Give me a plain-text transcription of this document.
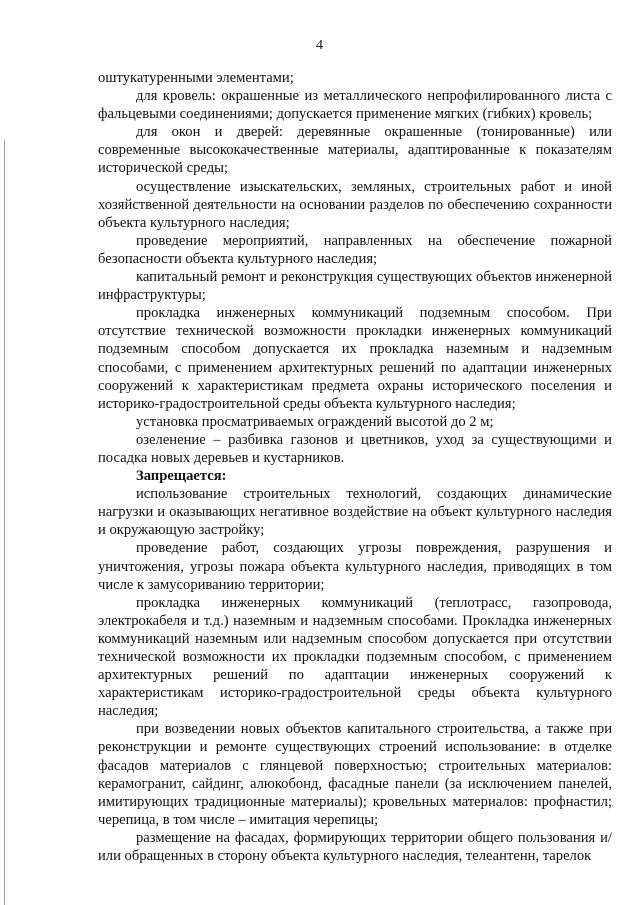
4

оштукатуренными элементами;

для кровель: окрашенные из металлического непрофилированного листа с фальцевыми соединениями; допускается применение мягких (гибких) кровель;

для окон и дверей: деревянные окрашенные (тонированные) или современные высококачественные материалы, адаптированные к показателям исторической среды;

осуществление изыскательских, земляных, строительных работ и иной хозяйственной деятельности на основании разделов по обеспечению сохранности объекта культурного наследия;

проведение мероприятий, направленных на обеспечение пожарной безопасности объекта культурного наследия;

капитальный ремонт и реконструкция существующих объектов инженерной инфраструктуры;

прокладка инженерных коммуникаций подземным способом. При отсутствие технической возможности прокладки инженерных коммуникаций подземным способом допускается их прокладка наземным и надземным способами, с применением архитектурных решений по адаптации инженерных сооружений к характеристикам предмета охраны исторического поселения и историко-градостроительной среды объекта культурного наследия;

установка просматриваемых ограждений высотой до 2 м;

озеленение – разбивка газонов и цветников, уход за существующими и посадка новых деревьев и кустарников.

Запрещается:

использование строительных технологий, создающих динамические нагрузки и оказывающих негативное воздействие на объект культурного наследия и окружающую застройку;

проведение работ, создающих угрозы повреждения, разрушения и уничтожения, угрозы пожара объекта культурного наследия, приводящих в том числе к замусориванию территории;

прокладка инженерных коммуникаций (теплотрасс, газопровода, электрокабеля и т.д.) наземным и надземным способами. Прокладка инженерных коммуникаций наземным или надземным способом допускается при отсутствии технической возможности их прокладки подземным способом, с применением архитектурных решений по адаптации инженерных сооружений к характеристикам историко-градостроительной среды объекта культурного наследия;

при возведении новых объектов капитального строительства, а также при реконструкции и ремонте существующих строений использование: в отделке фасадов материалов с глянцевой поверхностью; строительных материалов: керамогранит, сайдинг, алюкобонд, фасадные панели (за исключением панелей, имитирующих традиционные материалы); кровельных материалов: профнастил; черепица, в том числе – имитация черепицы;

размещение на фасадах, формирующих территории общего пользования и/или обращенных в сторону объекта культурного наследия, телеантенн, тарелок
